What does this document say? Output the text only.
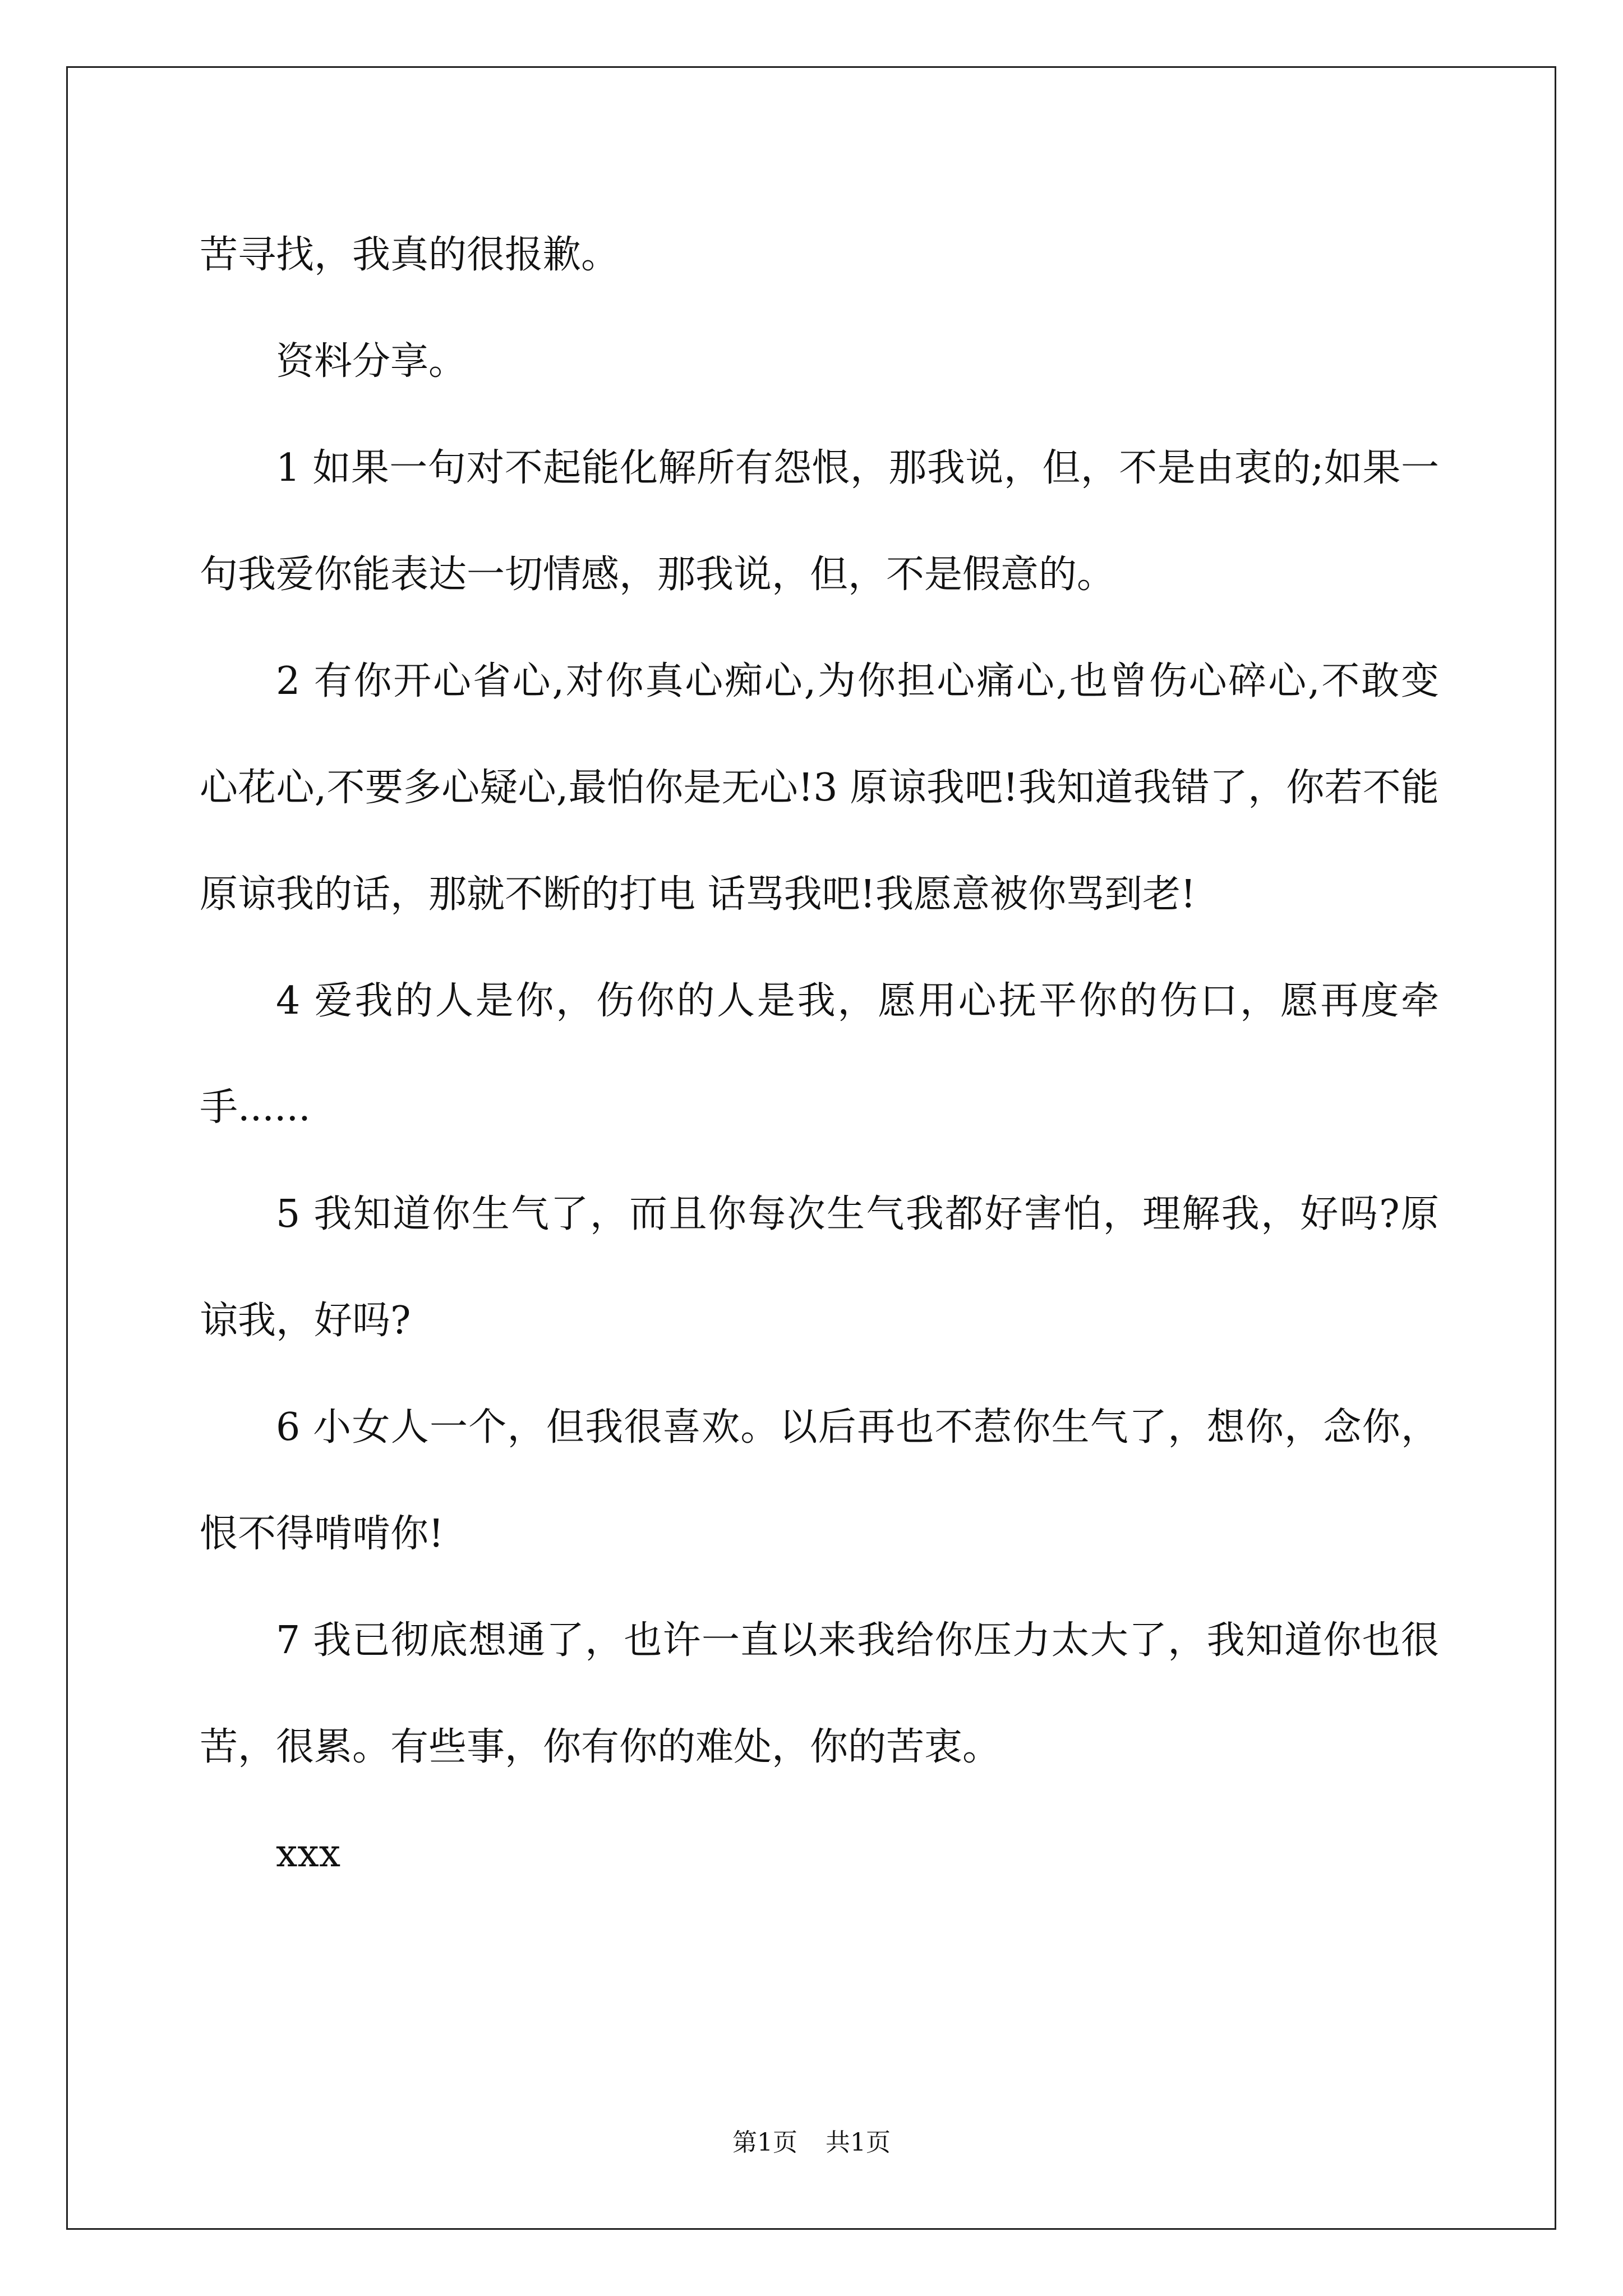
苦寻找，我真的很报歉。

资料分享。

1 如果一句对不起能化解所有怨恨，那我说，但，不是由衷的;如果一句我爱你能表达一切情感，那我说，但，不是假意的。

2 有你开心省心,对你真心痴心,为你担心痛心,也曾伤心碎心,不敢变 心花心,不要多心疑心,最怕你是无心!3 原谅我吧!我知道我错了，你若不能原谅我的话，那就不断的打电 话骂我吧!我愿意被你骂到老!

4 爱我的人是你，伤你的人是我，愿用心抚平你的伤口，愿再度牵手......

5 我知道你生气了，而且你每次生气我都好害怕，理解我，好吗?原 谅我，好吗?

6 小女人一个，但我很喜欢。以后再也不惹你生气了，想你，念你， 恨不得啃啃你!

7 我已彻底想通了，也许一直以来我给你压力太大了，我知道你也很 苦，很累。有些事，你有你的难处，你的苦衷。

xxx

第1页 共1页
